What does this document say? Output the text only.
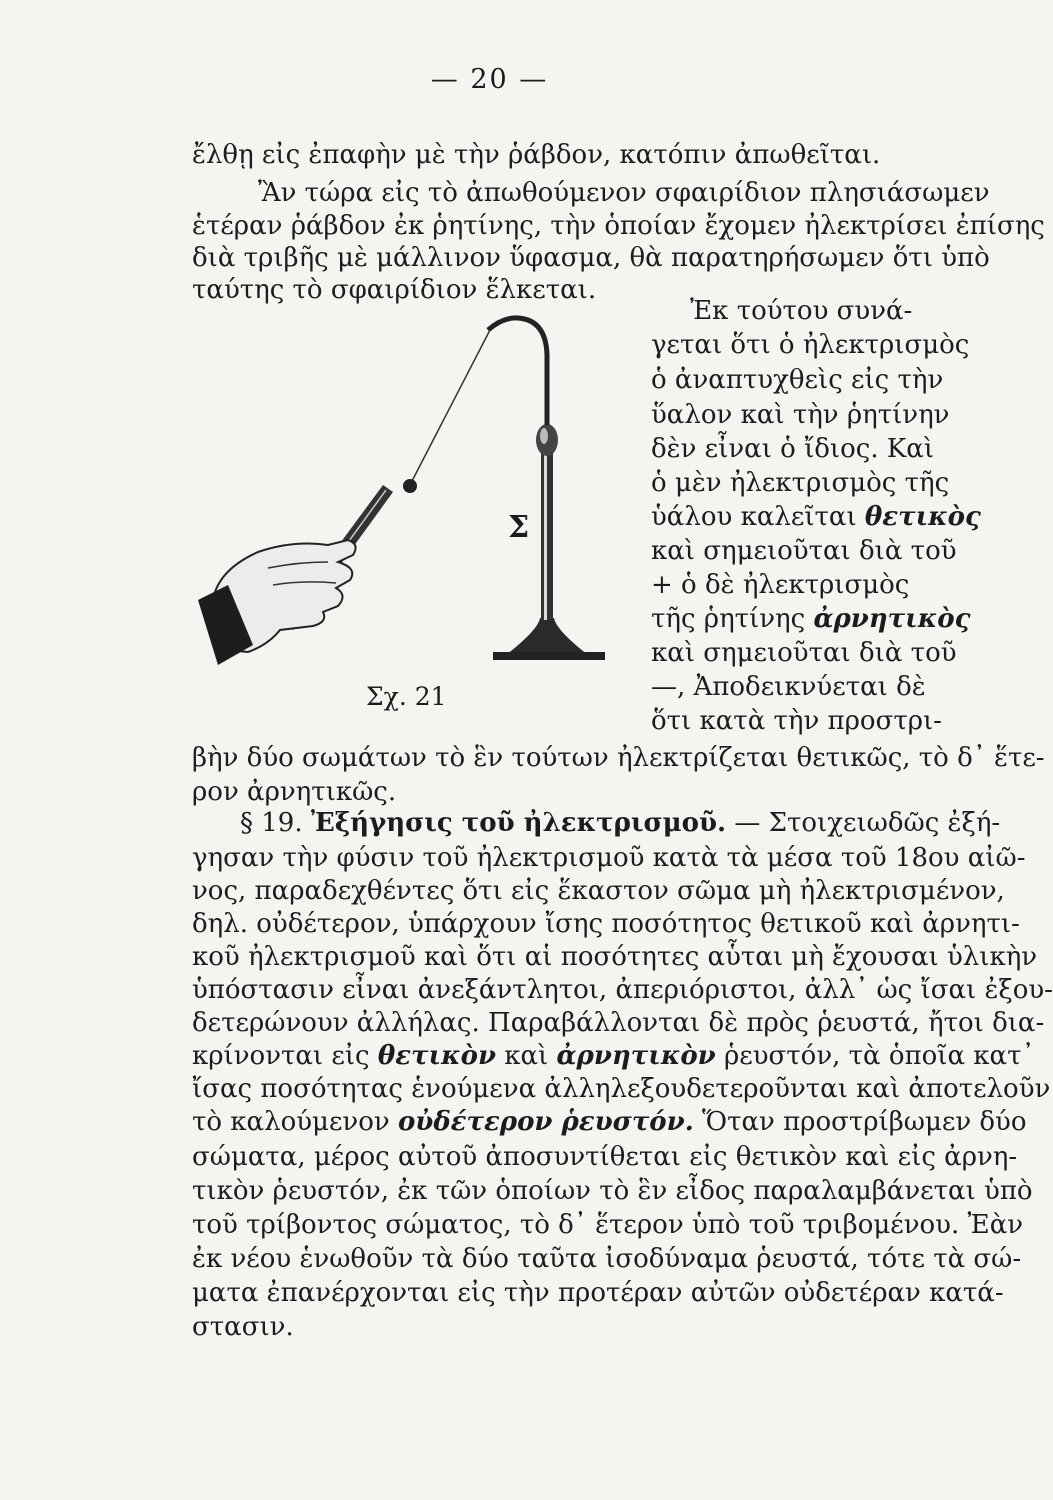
— 20 —
ἔλθῃ εἰς ἐπαφὴν μὲ τὴν ῥάβδον, κατόπιν ἀπωθεῖται.
Ἂν τώρα εἰς τὸ ἀπωθούμενον σφαιρίδιον πλησιάσωμεν
ἑτέραν ῥάβδον ἐκ ῥητίνης, τὴν ὁποίαν ἔχομεν ἠλεκτρίσει ἐπίσης
διὰ τριβῆς μὲ μάλλινον ὕφασμα, θὰ παρατηρήσωμεν ὅτι ὑπὸ
ταύτης τὸ σφαιρίδιον ἕλκεται.
Ἐκ τούτου συνά-
γεται ὅτι ὁ ἠλεκτρισμὸς
ὁ ἀναπτυχθεὶς εἰς τὴν
ὕαλον καὶ τὴν ῥητίνην
δὲν εἶναι ὁ ἴδιος. Καὶ
ὁ μὲν ἠλεκτρισμὸς τῆς
ὑάλου καλεῖται θετικὸς
καὶ σημειοῦται διὰ τοῦ
+ ὁ δὲ ἠλεκτρισμὸς
τῆς ῥητίνης ἀρνητικὸς
καὶ σημειοῦται διὰ τοῦ
—, Ἀποδεικνύεται δὲ
ὅτι κατὰ τὴν προστρι-
Σ
Σχ. 21
βὴν δύο σωμάτων τὸ ἓν τούτων ἠλεκτρίζεται θετικῶς, τὸ δ᾽ ἕτε-
ρον ἀρνητικῶς.
§ 19. Ἐξήγησις τοῦ ἠλεκτρισμοῦ. — Στοιχειωδῶς ἐξή-
γησαν τὴν φύσιν τοῦ ἠλεκτρισμοῦ κατὰ τὰ μέσα τοῦ 18ου αἰῶ-
νος, παραδεχθέντες ὅτι εἰς ἕκαστον σῶμα μὴ ἠλεκτρισμένον,
δηλ. οὐδέτερον, ὑπάρχουν ἴσης ποσότητος θετικοῦ καὶ ἀρνητι-
κοῦ ἠλεκτρισμοῦ καὶ ὅτι αἱ ποσότητες αὗται μὴ ἔχουσαι ὑλικὴν
ὑπόστασιν εἶναι ἀνεξάντλητοι, ἀπεριόριστοι, ἀλλ᾽ ὡς ἴσαι ἐξου-
δετερώνουν ἀλλήλας. Παραβάλλονται δὲ πρὸς ῥευστά, ἤτοι δια-
κρίνονται εἰς θετικὸν καὶ ἀρνητικὸν ῥευστόν, τὰ ὁποῖα κατ᾽
ἴσας ποσότητας ἑνούμενα ἀλληλεξουδετεροῦνται καὶ ἀποτελοῦν
τὸ καλούμενον οὐδέτερον ῥευστόν. Ὅταν προστρίβωμεν δύο
σώματα, μέρος αὐτοῦ ἀποσυντίθεται εἰς θετικὸν καὶ εἰς ἀρνη-
τικὸν ῥευστόν, ἐκ τῶν ὁποίων τὸ ἓν εἶδος παραλαμβάνεται ὑπὸ
τοῦ τρίβοντος σώματος, τὸ δ᾽ ἕτερον ὑπὸ τοῦ τριβομένου. Ἐὰν
ἐκ νέου ἑνωθοῦν τὰ δύο ταῦτα ἰσοδύναμα ῥευστά, τότε τὰ σώ-
ματα ἐπανέρχονται εἰς τὴν προτέραν αὐτῶν οὐδετέραν κατά-
στασιν.
